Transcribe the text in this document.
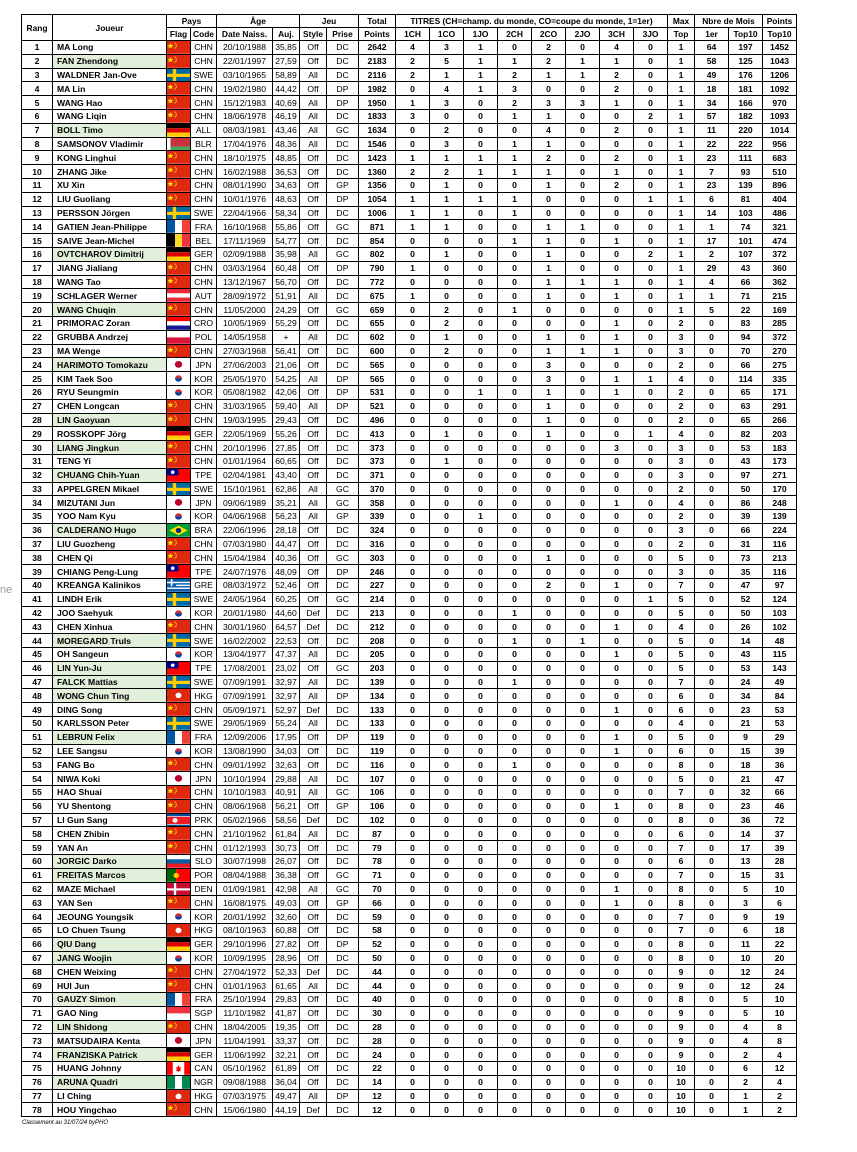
ne
Rang	Joueur	Pays		Âge		Jeu		Total	TITRES (CH=champ. du monde, CO=coupe du monde, 1=1er)								Max	Nbre de Mois		Points
		Flag	Code	Date Naiss.	Auj.	Style	Prise	Points	1CH	1CO	1JO	2CH	2CO	2JO	3CH	3JO	Top	1er	Top10	Top10
1	MA Long		CHN	20/10/1988	35,85	Off	DC	2642	4	3	1	0	2	0	4	0	1	64	197	1452
2	FAN Zhendong		CHN	22/01/1997	27,59	Off	DC	2183	2	5	1	1	2	1	1	0	1	58	125	1043
3	WALDNER Jan-Ove		SWE	03/10/1965	58,89	All	DC	2116	2	1	1	2	1	1	2	0	1	49	176	1206
4	MA Lin		CHN	19/02/1980	44,42	Off	DP	1982	0	4	1	3	0	0	2	0	1	18	181	1092
5	WANG Hao		CHN	15/12/1983	40,69	All	DP	1950	1	3	0	2	3	3	1	0	1	34	166	970
6	WANG Liqin		CHN	18/06/1978	46,19	All	DC	1833	3	0	0	1	1	0	0	2	1	57	182	1093
7	BOLL Timo		ALL	08/03/1981	43,46	All	GC	1634	0	2	0	0	4	0	2	0	1	11	220	1014
8	SAMSONOV Vladimir		BLR	17/04/1976	48,36	All	DC	1546	0	3	0	1	1	0	0	0	1	22	222	956
9	KONG Linghui		CHN	18/10/1975	48,85	Off	DC	1423	1	1	1	1	2	0	2	0	1	23	111	683
10	ZHANG Jike		CHN	16/02/1988	36,53	Off	DC	1360	2	2	1	1	1	0	1	0	1	7	93	510
11	XU Xin		CHN	08/01/1990	34,63	Off	GP	1356	0	1	0	0	1	0	2	0	1	23	139	896
12	LIU Guoliang		CHN	10/01/1976	48,63	Off	DP	1054	1	1	1	1	0	0	0	1	1	6	81	404
13	PERSSON Jörgen		SWE	22/04/1966	58,34	Off	DC	1006	1	1	0	1	0	0	0	0	1	14	103	486
14	GATIEN Jean-Philippe		FRA	16/10/1968	55,86	Off	GC	871	1	1	0	0	1	1	0	0	1	1	74	321
15	SAIVE Jean-Michel		BEL	17/11/1969	54,77	Off	DC	854	0	0	0	1	1	0	1	0	1	17	101	474
16	OVTCHAROV Dimitrij		GER	02/09/1988	35,98	All	GC	802	0	1	0	0	1	0	0	2	1	2	107	372
17	JIANG Jialiang		CHN	03/03/1964	60,48	Off	DP	790	1	0	0	0	1	0	0	0	1	29	43	360
18	WANG Tao		CHN	13/12/1967	56,70	Off	DC	772	0	0	0	0	1	1	1	0	1	4	66	362
19	SCHLAGER Werner		AUT	28/09/1972	51,91	All	DC	675	1	0	0	0	1	0	1	0	1	1	71	215
20	WANG Chuqin		CHN	11/05/2000	24,29	Off	GC	659	0	2	0	1	0	0	0	0	1	5	22	169
21	PRIMORAC Zoran		CRO	10/05/1969	55,29	Off	DC	655	0	2	0	0	0	0	1	0	2	0	83	285
22	GRUBBA Andrzej		POL	14/05/1958	+	All	DC	602	0	1	0	0	1	0	1	0	3	0	94	372
23	MA Wenge		CHN	27/03/1968	56,41	Off	DC	600	0	2	0	0	1	1	1	0	3	0	70	270
24	HARIMOTO Tomokazu		JPN	27/06/2003	21,06	Off	DC	565	0	0	0	0	3	0	0	0	2	0	66	275
25	KIM Taek Soo		KOR	25/05/1970	54,25	All	DP	565	0	0	0	0	3	0	1	1	4	0	114	335
26	RYU Seungmin		KOR	05/08/1982	42,06	Off	DP	531	0	0	1	0	1	0	1	0	2	0	65	171
27	CHEN Longcan		CHN	31/03/1965	59,40	All	DP	521	0	0	0	0	1	0	0	0	2	0	63	291
28	LIN Gaoyuan		CHN	19/03/1995	29,43	Off	DC	496	0	0	0	0	1	0	0	0	2	0	65	266
29	ROSSKOPF Jörg		GER	22/05/1969	55,26	Off	DC	413	0	1	0	0	1	0	0	1	4	0	82	203
30	LIANG Jingkun		CHN	20/10/1996	27,85	Off	DC	373	0	0	0	0	0	0	3	0	3	0	53	183
31	TENG Yi		CHN	01/01/1964	60,65	Off	DC	373	0	1	0	0	0	0	0	0	3	0	43	173
32	CHUANG Chih-Yuan		TPE	02/04/1981	43,40	Off	DC	371	0	0	0	0	0	0	0	0	3	0	97	271
33	APPELGREN Mikael		SWE	15/10/1961	62,86	All	GC	370	0	0	0	0	0	0	0	0	2	0	50	170
34	MIZUTANI Jun		JPN	09/06/1989	35,21	All	GC	358	0	0	0	0	0	0	1	0	4	0	86	248
35	YOO Nam Kyu		KOR	04/06/1968	56,23	All	GP	339	0	0	1	0	0	0	0	0	2	0	39	139
36	CALDERANO Hugo		BRA	22/06/1996	28,18	Off	DC	324	0	0	0	0	0	0	0	0	3	0	66	224
37	LIU Guozheng		CHN	07/03/1980	44,47	Off	DC	316	0	0	0	0	0	0	0	0	2	0	31	116
38	CHEN Qi		CHN	15/04/1984	40,36	Off	GC	303	0	0	0	0	1	0	0	0	5	0	73	213
39	CHIANG Peng-Lung		TPE	24/07/1976	48,09	Off	DP	246	0	0	0	0	0	0	0	0	3	0	35	116
40	KREANGA Kalinikos		GRE	08/03/1972	52,46	Off	DC	227	0	0	0	0	2	0	1	0	7	0	47	97
41	LINDH Erik		SWE	24/05/1964	60,25	Off	GC	214	0	0	0	0	0	0	0	1	5	0	52	124
42	JOO Saehyuk		KOR	20/01/1980	44,60	Def	DC	213	0	0	0	1	0	0	0	0	5	0	50	103
43	CHEN Xinhua		CHN	30/01/1960	64,57	Def	DC	212	0	0	0	0	0	0	1	0	4	0	26	102
44	MOREGARD Truls		SWE	16/02/2002	22,53	Off	DC	208	0	0	0	1	0	1	0	0	5	0	14	48
45	OH Sangeun		KOR	13/04/1977	47,37	All	DC	205	0	0	0	0	0	0	1	0	5	0	43	115
46	LIN Yun-Ju		TPE	17/08/2001	23,02	Off	GC	203	0	0	0	0	0	0	0	0	5	0	53	143
47	FALCK Mattias		SWE	07/09/1991	32,97	All	DC	139	0	0	0	1	0	0	0	0	7	0	24	49
48	WONG Chun Ting		HKG	07/09/1991	32,97	All	DP	134	0	0	0	0	0	0	0	0	6	0	34	84
49	DING Song		CHN	05/09/1971	52,97	Def	DC	133	0	0	0	0	0	0	1	0	6	0	23	53
50	KARLSSON Peter		SWE	29/05/1969	55,24	All	DC	133	0	0	0	0	0	0	0	0	4	0	21	53
51	LEBRUN Felix		FRA	12/09/2006	17,95	Off	DP	119	0	0	0	0	0	0	1	0	5	0	9	29
52	LEE Sangsu		KOR	13/08/1990	34,03	Off	DC	119	0	0	0	0	0	0	1	0	6	0	15	39
53	FANG Bo		CHN	09/01/1992	32,63	Off	DC	116	0	0	0	1	0	0	0	0	8	0	18	36
54	NIWA Koki		JPN	10/10/1994	29,88	All	DC	107	0	0	0	0	0	0	0	0	5	0	21	47
55	HAO Shuai		CHN	10/10/1983	40,91	All	GC	106	0	0	0	0	0	0	0	0	7	0	32	66
56	YU Shentong		CHN	08/06/1968	56,21	Off	GP	106	0	0	0	0	0	0	1	0	8	0	23	46
57	LI Gun Sang		PRK	05/02/1966	58,56	Def	DC	102	0	0	0	0	0	0	0	0	8	0	36	72
58	CHEN Zhibin		CHN	21/10/1962	61,84	All	DC	87	0	0	0	0	0	0	0	0	6	0	14	37
59	YAN An		CHN	01/12/1993	30,73	Off	DC	79	0	0	0	0	0	0	0	0	7	0	17	39
60	JORGIC Darko		SLO	30/07/1998	26,07	Off	DC	78	0	0	0	0	0	0	0	0	6	0	13	28
61	FREITAS Marcos		POR	08/04/1988	36,38	Off	GC	71	0	0	0	0	0	0	0	0	7	0	15	31
62	MAZE Michael		DEN	01/09/1981	42,98	All	GC	70	0	0	0	0	0	0	1	0	8	0	5	10
63	YAN Sen		CHN	16/08/1975	49,03	Off	GP	66	0	0	0	0	0	0	1	0	8	0	3	6
64	JEOUNG Youngsik		KOR	20/01/1992	32,60	Off	DC	59	0	0	0	0	0	0	0	0	7	0	9	19
65	LO Chuen Tsung		HKG	08/10/1963	60,88	Off	DC	58	0	0	0	0	0	0	0	0	7	0	6	18
66	QIU Dang		GER	29/10/1996	27,82	Off	DP	52	0	0	0	0	0	0	0	0	8	0	11	22
67	JANG Woojin		KOR	10/09/1995	28,96	Off	DC	50	0	0	0	0	0	0	0	0	8	0	10	20
68	CHEN Weixing		CHN	27/04/1972	52,33	Def	DC	44	0	0	0	0	0	0	0	0	9	0	12	24
69	HUI Jun		CHN	01/01/1963	61,65	All	DC	44	0	0	0	0	0	0	0	0	9	0	12	24
70	GAUZY Simon		FRA	25/10/1994	29,83	Off	DC	40	0	0	0	0	0	0	0	0	8	0	5	10
71	GAO Ning		SGP	11/10/1982	41,87	Off	DC	30	0	0	0	0	0	0	0	0	9	0	5	10
72	LIN Shidong		CHN	18/04/2005	19,35	Off	DC	28	0	0	0	0	0	0	0	0	9	0	4	8
73	MATSUDAIRA Kenta		JPN	11/04/1991	33,37	Off	DC	28	0	0	0	0	0	0	0	0	9	0	4	8
74	FRANZISKA Patrick		GER	11/06/1992	32,21	Off	DC	24	0	0	0	0	0	0	0	0	9	0	2	4
75	HUANG Johnny		CAN	05/10/1962	61,89	Off	DC	22	0	0	0	0	0	0	0	0	10	0	6	12
76	ARUNA Quadri		NGR	09/08/1988	36,04	Off	DC	14	0	0	0	0	0	0	0	0	10	0	2	4
77	LI Ching		HKG	07/03/1975	49,47	All	DP	12	0	0	0	0	0	0	0	0	10	0	1	2
78	HOU Yingchao		CHN	15/06/1980	44,19	Def	DC	12	0	0	0	0	0	0	0	0	10	0	1	2
Classement au 31/07/24 byPHO
